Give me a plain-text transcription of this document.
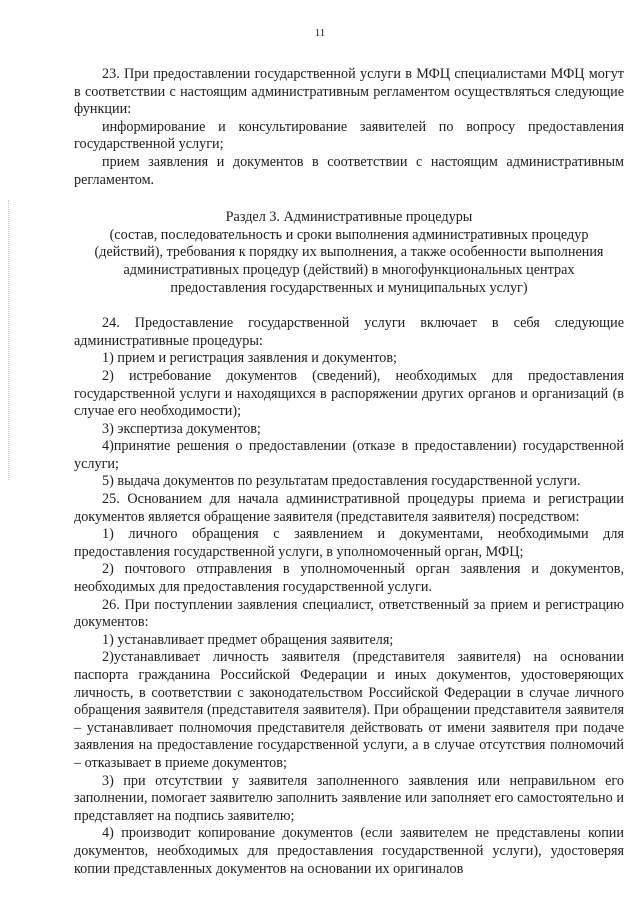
11

23. При предоставлении государственной услуги в МФЦ специалистами МФЦ могут в соответствии с настоящим административным регламентом осуществляться следующие функции:

информирование и консультирование заявителей по вопросу предоставления государственной услуги;

прием заявления и документов в соответствии с настоящим административным регламентом.

Раздел 3. Административные процедуры
(состав, последовательность и сроки выполнения административных процедур
(действий), требования к порядку их выполнения, а также особенности выполнения
административных процедур (действий) в многофункциональных центрах
предоставления государственных и муниципальных услуг)

24. Предоставление государственной услуги включает в себя следующие административные процедуры:

1) прием и регистрация заявления и документов;

2) истребование документов (сведений), необходимых для предоставления государственной услуги и находящихся в распоряжении других органов и организаций (в случае его необходимости);

3) экспертиза документов;

4)принятие решения о предоставлении (отказе в предоставлении) государственной услуги;

5) выдача документов по результатам предоставления государственной услуги.

25. Основанием для начала административной процедуры приема и регистрации документов является обращение заявителя (представителя заявителя) посредством:

1) личного обращения с заявлением и документами, необходимыми для предоставления государственной услуги, в уполномоченный орган, МФЦ;

2) почтового отправления в уполномоченный орган заявления и документов, необходимых для предоставления государственной услуги.

26. При поступлении заявления специалист, ответственный за прием и регистрацию документов:

1) устанавливает предмет обращения заявителя;

2)устанавливает личность заявителя (представителя заявителя) на основании паспорта гражданина Российской Федерации и иных документов, удостоверяющих личность, в соответствии с законодательством Российской Федерации в случае личного обращения заявителя (представителя заявителя). При обращении представителя заявителя – устанавливает полномочия представителя действовать от имени заявителя при подаче заявления на предоставление государственной услуги, а в случае отсутствия полномочий – отказывает в приеме документов;

3) при отсутствии у заявителя заполненного заявления или неправильном его заполнении, помогает заявителю заполнить заявление или заполняет его самостоятельно и представляет на подпись заявителю;

4) производит копирование документов (если заявителем не представлены копии документов, необходимых для предоставления государственной услуги), удостоверяя копии представленных документов на основании их оригиналов
